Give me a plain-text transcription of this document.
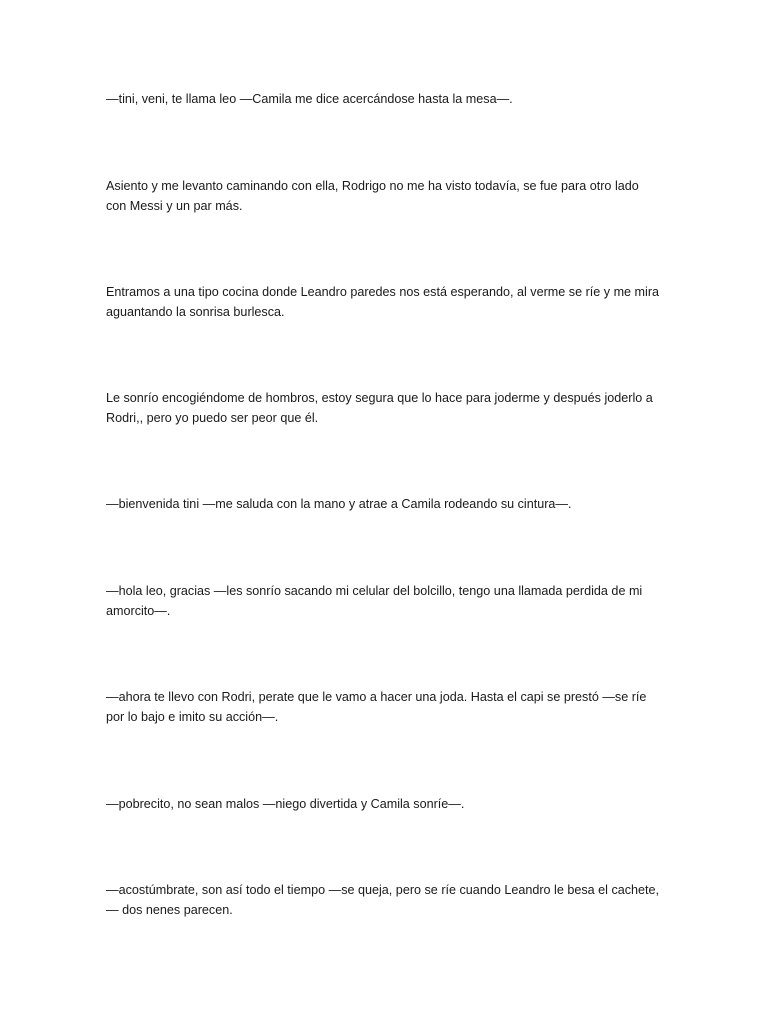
—tini, veni, te llama leo —Camila me dice acercándose hasta la mesa—.

Asiento y me levanto caminando con ella, Rodrigo no me ha visto todavía, se fue para otro lado
con Messi y un par más.

Entramos a una tipo cocina donde Leandro paredes nos está esperando, al verme se ríe y me mira
aguantando la sonrisa burlesca.

Le sonrío encogiéndome de hombros, estoy segura que lo hace para joderme y después joderlo a
Rodri,, pero yo puedo ser peor que él.

—bienvenida tini —me saluda con la mano y atrae a Camila rodeando su cintura—.

—hola leo, gracias —les sonrío sacando mi celular del bolcillo, tengo una llamada perdida de mi
amorcito—.

—ahora te llevo con Rodri, perate que le vamo a hacer una joda. Hasta el capi se prestó —se ríe
por lo bajo e imito su acción—.

—pobrecito, no sean malos —niego divertida y Camila sonríe—.

—acostúmbrate, son así todo el tiempo —se queja, pero se ríe cuando Leandro le besa el cachete,
— dos nenes parecen.
